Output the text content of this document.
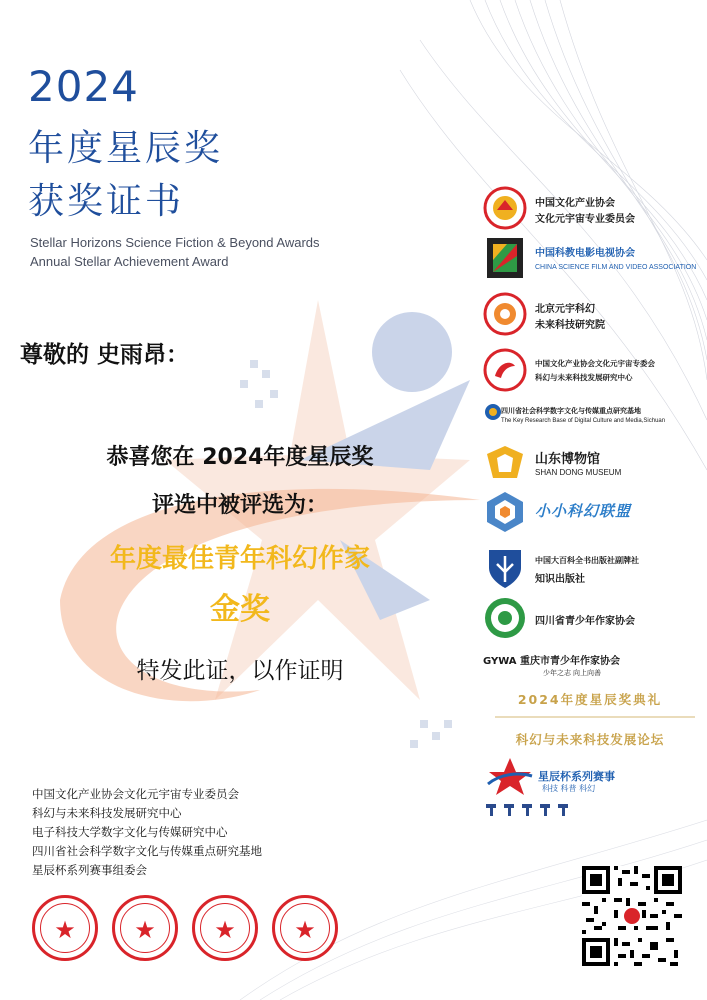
2024
年度星辰奖
获奖证书
Stellar Horizons Science Fiction & Beyond Awards
Annual Stellar Achievement Award
尊敬的 史雨昂：
恭喜您在 2024年度星辰奖
评选中被评选为：
年度最佳青年科幻作家
金奖
特发此证，以作证明
中国文化产业协会文化元宇宙专业委员会
科幻与未来科技发展研究中心
电子科技大学数字文化与传媒研究中心
四川省社会科学数字文化与传媒重点研究基地
星辰杯系列赛事组委会
★	★	★	★
中国文化产业协会
文化元宇宙专业委员会
中国科教电影电视协会
CHINA SCIENCE FILM AND VIDEO ASSOCIATION
北京元宇科幻
未来科技研究院
中国文化产业协会文化元宇宙专委会
科幻与未来科技发展研究中心
四川省社会科学数字文化与传媒重点研究基地
The Key Research Base of Digital Culture and Media,Sichuan
山东博物馆
SHAN DONG MUSEUM
小小科幻联盟
中国大百科全书出版社副牌社
知识出版社
四川省青少年作家协会
GYWA 重庆市青少年作家协会
少年之志 向上向善
2024年度星辰奖典礼
科幻与未来科技发展论坛
星辰杯系列赛事
科技 科普 科幻
